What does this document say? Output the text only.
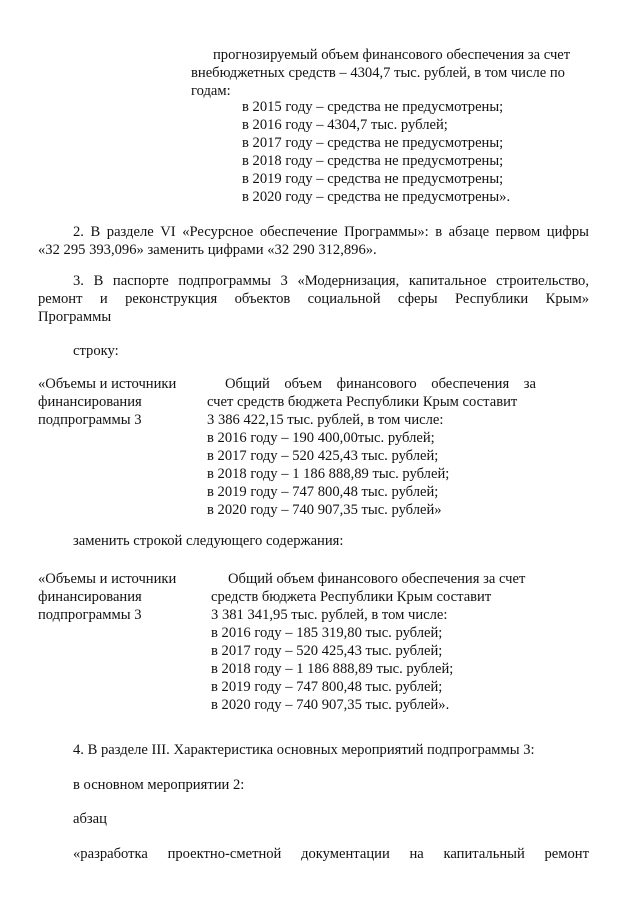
прогнозируемый объем финансового обеспечения за счет
внебюджетных средств – 4304,7 тыс. рублей, в том числе по
годам:
в 2015 году – средства не предусмотрены;
в 2016 году – 4304,7 тыс. рублей;
в 2017 году – средства не предусмотрены;
в 2018 году – средства не предусмотрены;
в 2019 году – средства не предусмотрены;
в 2020 году – средства не предусмотрены».
2. В разделе VI «Ресурсное обеспечение Программы»: в абзаце первом цифры
«32 295 393,096» заменить цифрами «32 290 312,896».
3. В паспорте подпрограммы 3 «Модернизация, капитальное строительство,
ремонт и реконструкция объектов социальной сферы Республики Крым»
Программы
строку:
«Объемы и источники
финансирования
подпрограммы 3
Общий объем финансового обеспечения за
счет средств бюджета Республики Крым составит
3 386 422,15 тыс. рублей, в том числе:
в 2016 году – 190 400,00тыс. рублей;
в 2017 году – 520 425,43 тыс. рублей;
в 2018 году – 1 186 888,89 тыс. рублей;
в 2019 году – 747 800,48 тыс. рублей;
в 2020 году – 740 907,35 тыс. рублей»
заменить строкой следующего содержания:
«Объемы и источники
финансирования
подпрограммы 3
Общий объем финансового обеспечения за счет
средств бюджета Республики Крым составит
3 381 341,95 тыс. рублей, в том числе:
в 2016 году – 185 319,80 тыс. рублей;
в 2017 году – 520 425,43 тыс. рублей;
в 2018 году – 1 186 888,89 тыс. рублей;
в 2019 году – 747 800,48 тыс. рублей;
в 2020 году – 740 907,35 тыс. рублей».
4. В разделе III. Характеристика основных мероприятий подпрограммы 3:
в основном мероприятии 2:
абзац
«разработка проектно-сметной документации на капитальный ремонт
